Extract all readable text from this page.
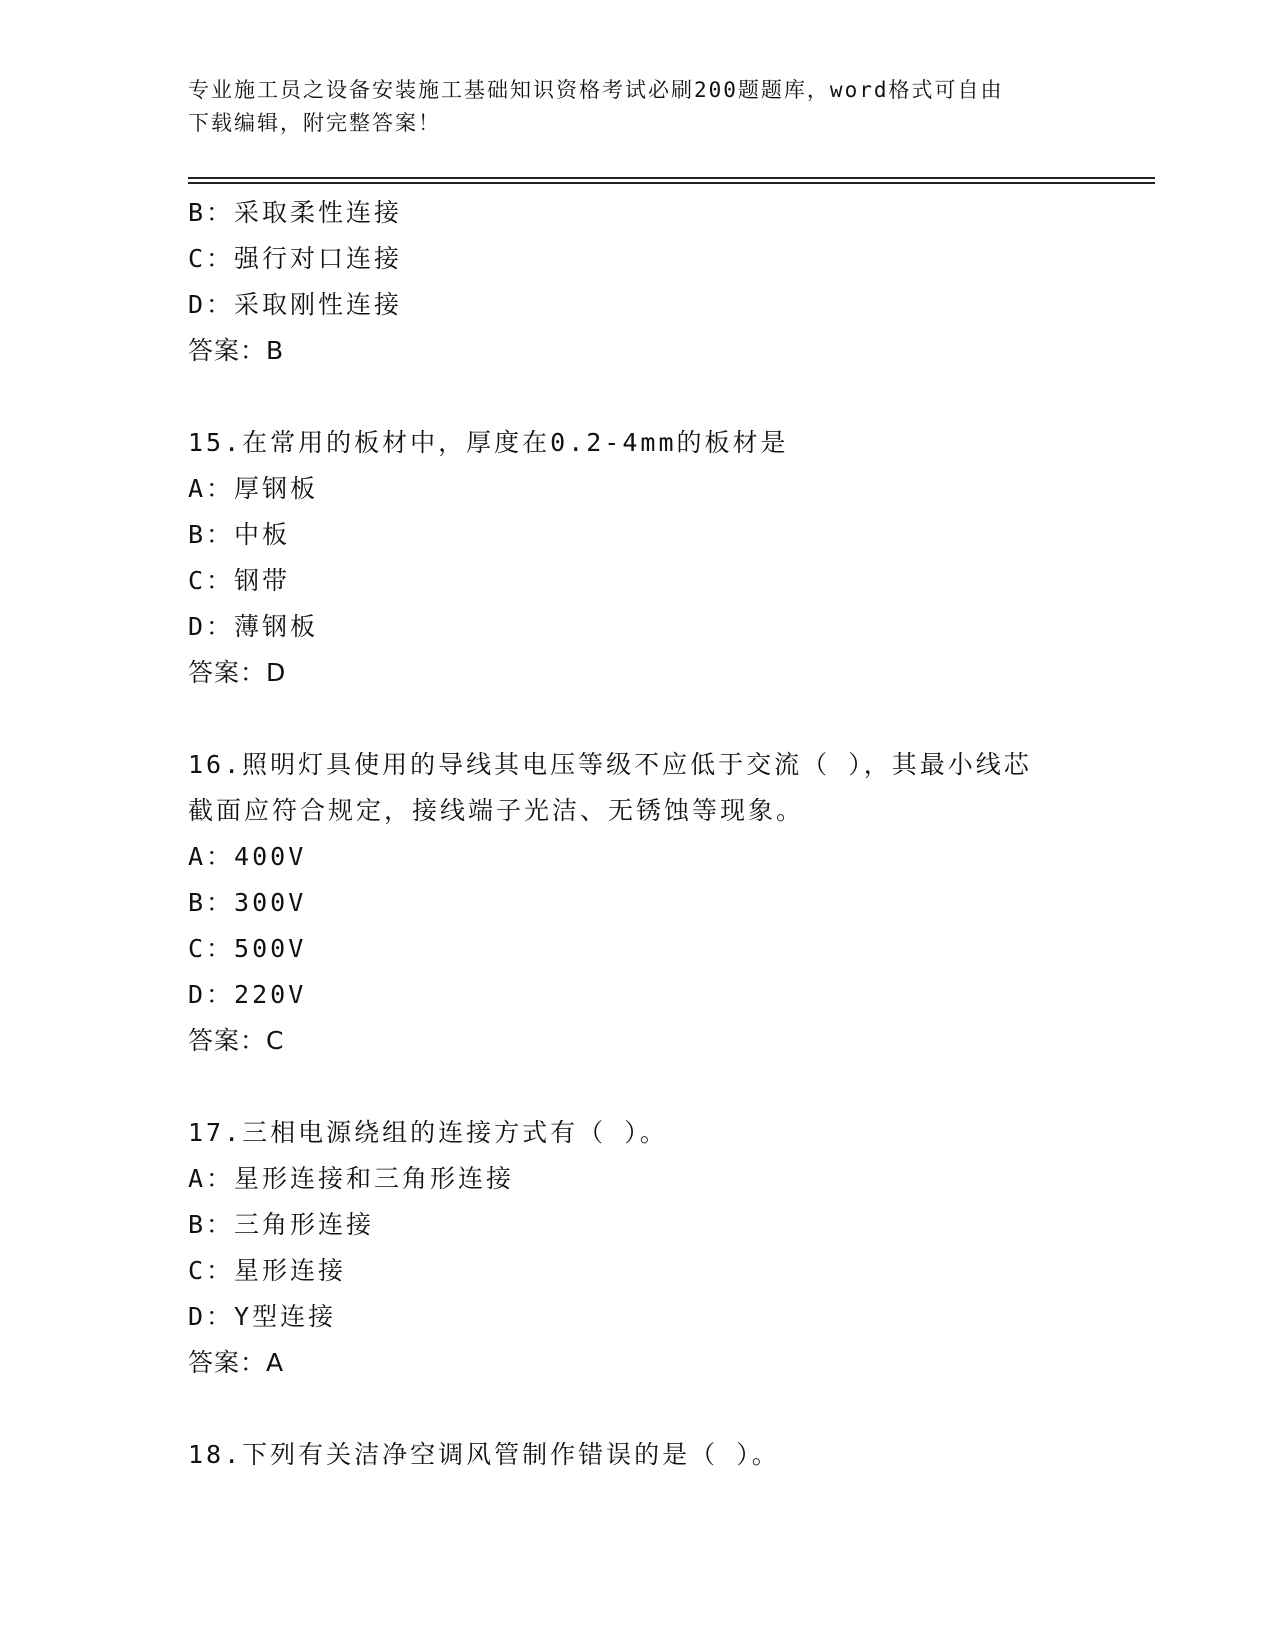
专业施工员之设备安装施工基础知识资格考试必刷200题题库，word格式可自由
下载编辑，附完整答案！
B：采取柔性连接
C：强行对口连接
D：采取刚性连接
答案：B
15.在常用的板材中，厚度在0.2-4mm的板材是
A：厚钢板
B：中板
C：钢带
D：薄钢板
答案：D
16.照明灯具使用的导线其电压等级不应低于交流（ ），其最小线芯
截面应符合规定，接线端子光洁、无锈蚀等现象。
A：400V
B：300V
C：500V
D：220V
答案：C
17.三相电源绕组的连接方式有（ ）。
A：星形连接和三角形连接
B：三角形连接
C：星形连接
D：Y型连接
答案：A
18.下列有关洁净空调风管制作错误的是（ ）。
